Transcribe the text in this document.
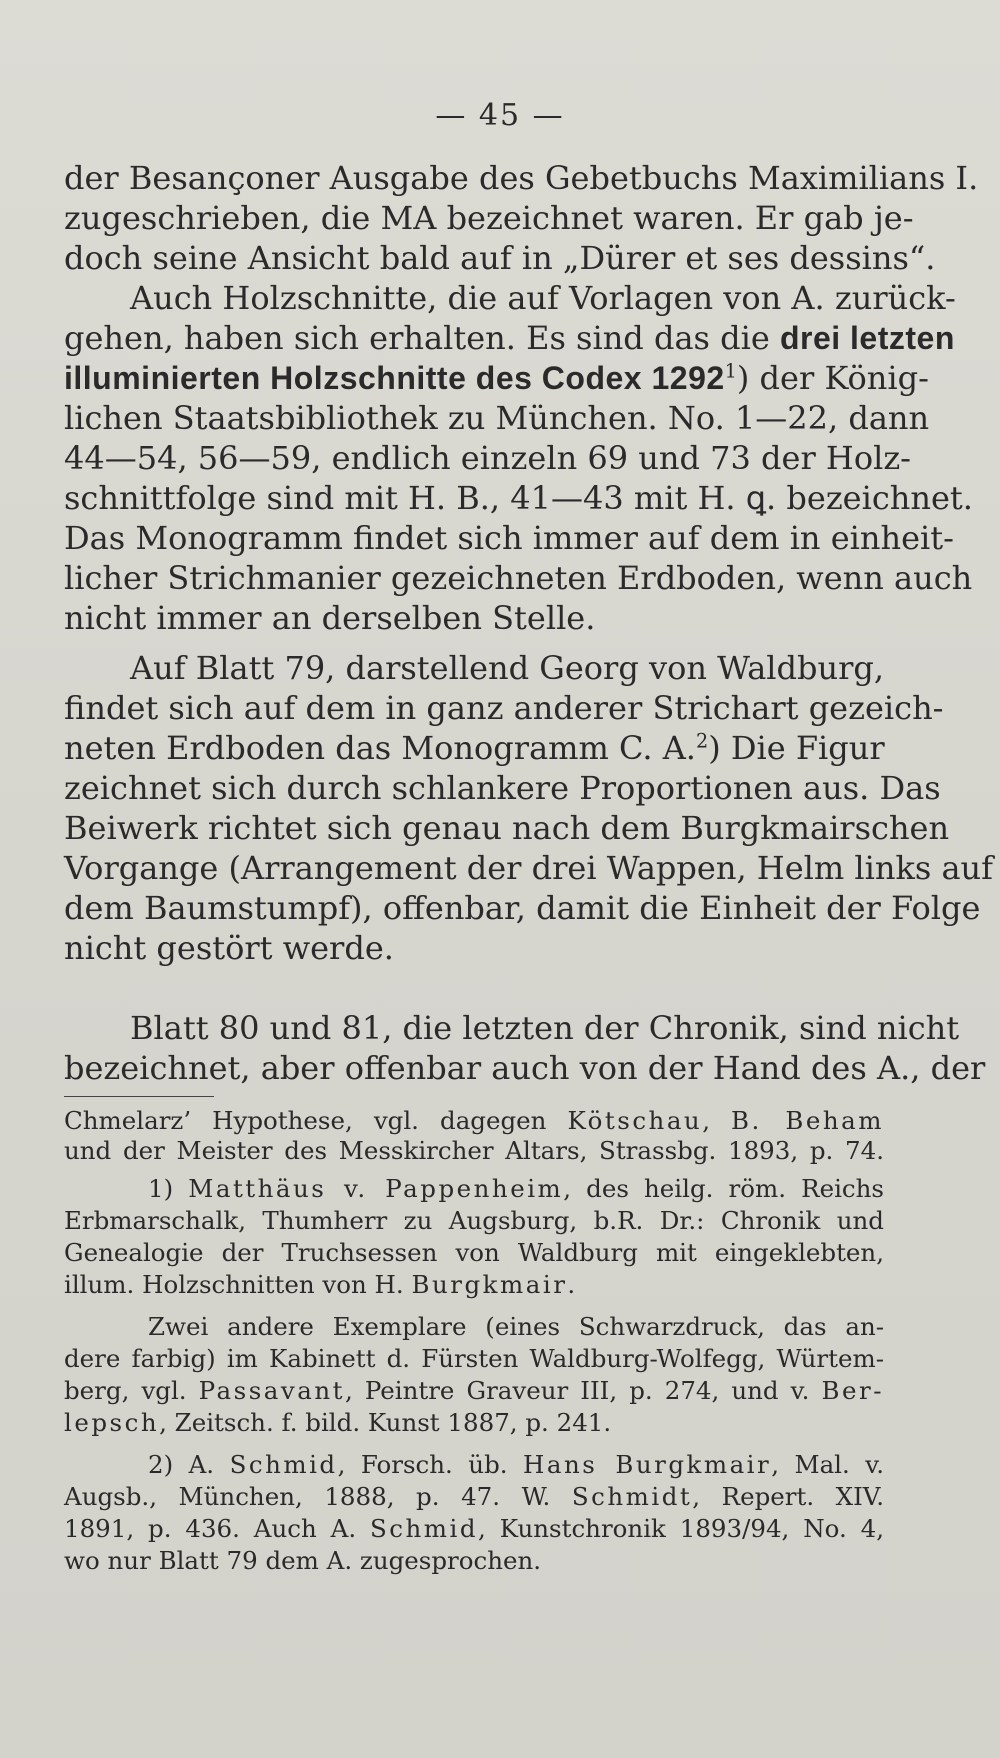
— 45 —
der Besançoner Ausgabe des Gebetbuchs Maximilians I.
zugeschrieben, die MA bezeichnet waren. Er gab je-
doch seine Ansicht bald auf in „Dürer et ses dessins“.
Auch Holzschnitte, die auf Vorlagen von A. zurück-
gehen, haben sich erhalten. Es sind das die drei letzten
illuminierten Holzschnitte des Codex 1292$^1$) der König-
lichen Staatsbibliothek zu München. No. 1—22, dann
44—54, 56—59, endlich einzeln 69 und 73 der Holz-
schnittfolge sind mit H. B., 41—43 mit H. ꝗ. bezeichnet.
Das Monogramm findet sich immer auf dem in einheit-
licher Strichmanier gezeichneten Erdboden, wenn auch
nicht immer an derselben Stelle.
Auf Blatt 79, darstellend Georg von Waldburg,
findet sich auf dem in ganz anderer Strichart gezeich-
neten Erdboden das Monogramm C. A.$^2$) Die Figur
zeichnet sich durch schlankere Proportionen aus. Das
Beiwerk richtet sich genau nach dem Burgkmairschen
Vorgange (Arrangement der drei Wappen, Helm links auf
dem Baumstumpf), offenbar, damit die Einheit der Folge
nicht gestört werde.
Blatt 80 und 81, die letzten der Chronik, sind nicht
bezeichnet, aber offenbar auch von der Hand des A., der
Chmelarz’ Hypothese, vgl. dagegen Kötschau, B. Beham
und der Meister des Messkircher Altars, Strassbg. 1893, p. 74.
1) Matthäus v. Pappenheim, des heilg. röm. Reichs
Erbmarschalk, Thumherr zu Augsburg, b.R. Dr.: Chronik und
Genealogie der Truchsessen von Waldburg mit eingeklebten,
illum. Holzschnitten von H. Burgkmair.
Zwei andere Exemplare (eines Schwarzdruck, das an-
dere farbig) im Kabinett d. Fürsten Waldburg-Wolfegg, Würtem-
berg, vgl. Passavant, Peintre Graveur III, p. 274, und v. Ber-
lepsch, Zeitsch. f. bild. Kunst 1887, p. 241.
2) A. Schmid, Forsch. üb. Hans Burgkmair, Mal. v.
Augsb., München, 1888, p. 47. W. Schmidt, Repert. XIV.
1891, p. 436. Auch A. Schmid, Kunstchronik 1893/94, No. 4,
wo nur Blatt 79 dem A. zugesprochen.
